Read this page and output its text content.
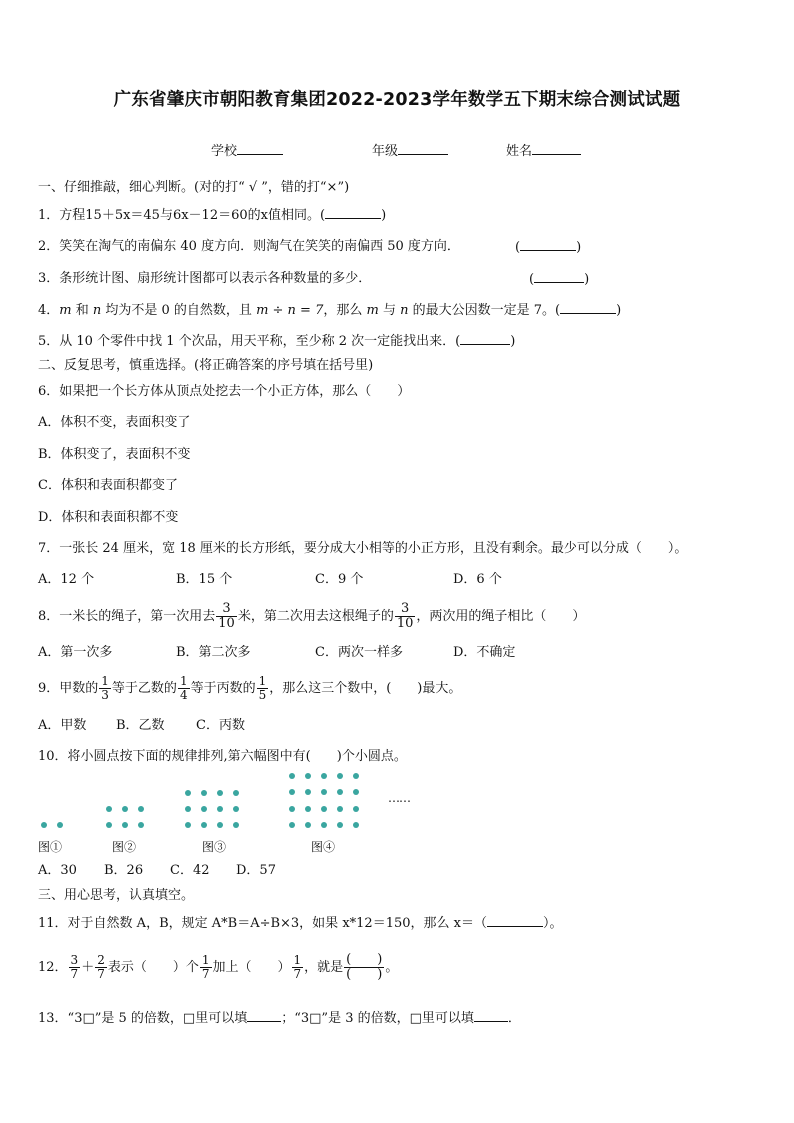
广东省肇庆市朝阳教育集团2022-2023学年数学五下期末综合测试试题
学校	年级	姓名
一、仔细推敲，细心判断。(对的打“ √ ”，错的打“×”)
1．方程15＋5x＝45与6x－12＝60的x值相同。(	)
2．笑笑在淘气的南偏东 40 度方向．则淘气在笑笑的南偏西 50 度方向．	(	)
3．条形统计图、扇形统计图都可以表示各种数量的多少．	(	)
4．m 和 n 均为不是 0 的自然数，且 m ÷ n = 7，那么 m 与 n 的最大公因数一定是 7。(	)
5．从 10 个零件中找 1 个次品，用天平称，至少称 2 次一定能找出来．(	)
二、反复思考，慎重选择。(将正确答案的序号填在括号里)
6．如果把一个长方体从顶点处挖去一个小正方体，那么（　　）
A．体积不变，表面积变了
B．体积变了，表面积不变
C．体积和表面积都变了
D．体积和表面积都不变
7．一张长 24 厘米，宽 18 厘米的长方形纸，要分成大小相等的小正方形，且没有剩余。最少可以分成（　　）。
A．12 个	B．15 个	C．9 个	D．6 个
8．一米长的绳子，第一次用去 $\frac{3}{10}$ 米，第二次用去这根绳子的 $\frac{3}{10}$ ，两次用的绳子相比（　　）
A．第一次多	B．第二次多	C．两次一样多	D．不确定
9．甲数的 $\frac{1}{3}$ 等于乙数的 $\frac{1}{4}$ 等于丙数的 $\frac{1}{5}$ ，那么这三个数中，(　　)最大。
A．甲数 B．乙数 C．丙数
10．将小圆点按下面的规律排列,第六幅图中有(　　)个小圆点。
……
图①	图②	图③	图④
A．30 B．26 C．42 D．57
三、用心思考，认真填空。
11．对于自然数 A，B，规定 A*B＝A÷B×3，如果 x*12＝150，那么 x＝（	）。
12． $\frac{3}{7} + \frac{2}{7}$ 表示（　　）个 $\frac{1}{7}$ 加上（　　） $\frac{1}{7}$ ，就是 $\frac{( )}{( )}$ 。
13．“3□”是 5 的倍数，□里可以填	；“3□”是 3 的倍数，□里可以填	．
